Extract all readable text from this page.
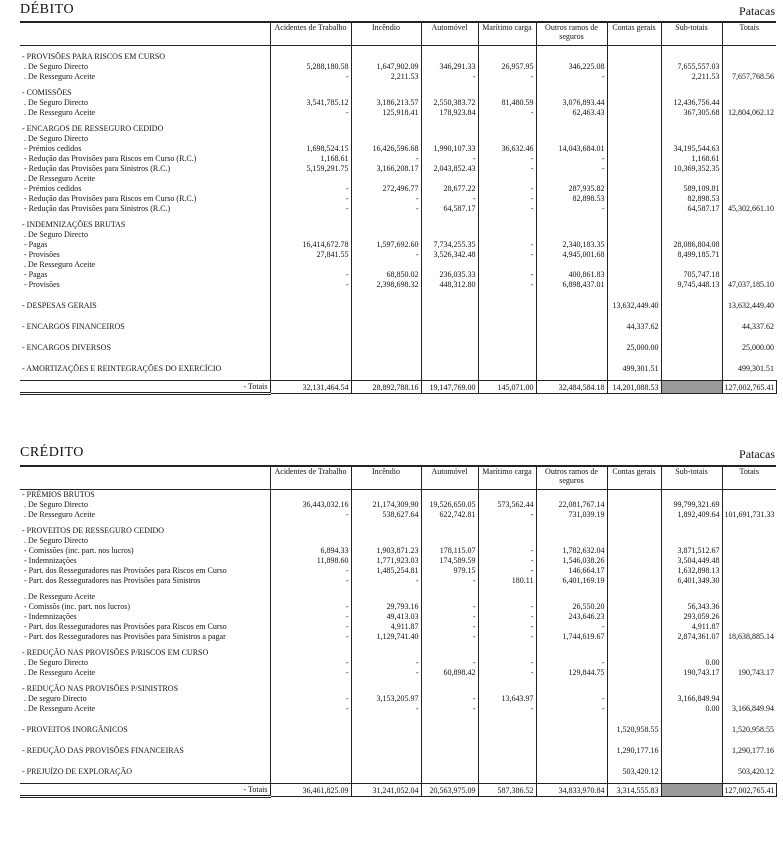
DÉBITO	Patacas
	Acidentes de Trabalho	Incêndio	Automóvel	Marítimo carga	Outros ramos de seguros	Contas gerais	Sub-totais	Totais

- PROVISÕES PARA RISCOS EM CURSO								
. De Seguro Directo	5,288,180.58	1,647,902.09	346,291.33	26,957.95	346,225.08		7,655,557.03	
. De Resseguro Aceite	-	2,211.53	-	-	-		2,211.53	7,657,768.56

- COMISSÕES								
. De Seguro Directo	3,541,785.12	3,186,213.57	2,550,383.72	81,480.59	3,076,893.44		12,436,756.44	
. De Resseguro Aceite	-	125,918.41	178,923.84	-	62,463.43		367,305.68	12,804,062.12

- ENCARGOS DE RESSEGURO CEDIDO								
. De Seguro Directo								
- Prémios cedidos	1,698,524.15	16,426,596.68	1,990,107.33	36,632.46	14,043,684.01		34,195,544.63	
- Redução das Provisões para Riscos em Curso (R.C.)	1,168.61	-	-	-	-		1,168.61	
- Redução das Provisões para Sinistros (R.C.)	5,159,291.75	3,166,208.17	2,043,852.43	-	-		10,369,352.35	
. De Resseguro Aceite								
- Prémios cedidos	-	272,496.77	28,677.22	-	287,935.82		589,109.81	
- Redução das Provisões para Riscos em Curso (R.C.)	-	-	-	-	82,898.53		82,898.53	
- Redução das Provisões para Sinistros (R.C.)	-	-	64,587.17	-	-		64,587.17	45,302,661.10

- INDEMNIZAÇÕES BRUTAS								
. De Seguro Directo								
- Pagas	16,414,672.78	1,597,692.60	7,734,255.35	-	2,340,183.35		28,086,804.08	
- Provisões	27,841.55	-	3,526,342.48	-	4,945,001.68		8,499,185.71	
. De Resseguro Aceite								
- Pagas	-	68,850.02	236,035.33	-	400,861.83		705,747.18	
- Provisões	-	2,398,698.32	448,312.80	-	6,898,437.01		9,745,448.13	47,037,185.10

- DESPESAS GERAIS						13,632,449.40		13,632,449.40

- ENCARGOS FINANCEIROS						44,337.62		44,337.62

- ENCARGOS DIVERSOS						25,000.00		25,000.00

- AMORTIZAÇÕES E REINTEGRAÇÕES DO EXERCÍCIO						499,301.51		499,301.51

- Totais	32,131,464.54	28,892,788.16	19,147,769.00	145,071.00	32,484,584.18	14,201,088.53		127,002,765.41
CRÉDITO	Patacas
	Acidentes de Trabalho	Incêndio	Automóvel	Marítimo carga	Outros ramos de seguros	Contas gerais	Sub-totais	Totais
- PRÉMIOS BRUTOS								
. De Seguro Directo	36,443,032.16	21,174,309.90	19,526,650.05	573,562.44	22,081,767.14		99,799,321.69	
. De Resseguro Aceite	-	538,627.64	622,742.81	-	731,039.19		1,892,409.64	101,691,731.33

- PROVEITOS DE RESSEGURO CEDIDO								
. De Seguro Directo								
- Comissões (inc. part. nos lucros)	6,894.33	1,903,871.23	178,115.07	-	1,782,632.04		3,871,512.67	
- Indemnizações	11,898.60	1,771,923.03	174,589.59	-	1,546,038.26		3,504,449.48	
- Part. dos Resseguradores nas Provisões para Riscos em Curso	-	1,485,254.81	979.15	-	146,664.17		1,632,898.13	
- Part. dos Resseguradores nas Provisões para Sinistros	-	-	-	180.11	6,401,169.19		6,401,349.30	

. De Resseguro Aceite								
- Comissõs (inc. part. nos lucros)	-	29,793.16	-	-	26,550.20		56,343.36	
- Indemnizações	-	49,413.03	-	-	243,646.23		293,059.26	
- Part. dos Resseguradores nas Provisões para Riscos em Curso	-	4,911.87	-	-	-		4,911.87	
- Part. dos Resseguradores nas Provisões para Sinistros a pagar	-	1,129,741.40	-	-	1,744,619.67		2,874,361.07	18,638,885.14

- REDUÇÃO NAS PROVISÕES P/RISCOS EM CURSO								
. De Seguro Directo	-	-	-	-	-		0.00	
. De Resseguro Aceite	-	-	60,898.42	-	129,844.75		190,743.17	190,743.17

- REDUÇÃO NAS PROVISÕES P/SINISTROS								
. De seguro Directo	-	3,153,205.97	-	13,643.97	-		3,166,849.94	
. De Resseguro Aceite	-	-	-	-	-		0.00	3,166,849.94

- PROVEITOS INORGÂNICOS						1,520,958.55		1,520,958.55

- REDUÇÃO DAS PROVISÕES FINANCEIRAS						1,290,177.16		1,290,177.16

- PREJUÍZO DE EXPLORAÇÃO						503,420.12		503,420.12

- Totais	36,461,825.09	31,241,052.04	20,563,975.09	587,386.52	34,833,970.84	3,314,555.83		127,002,765.41
